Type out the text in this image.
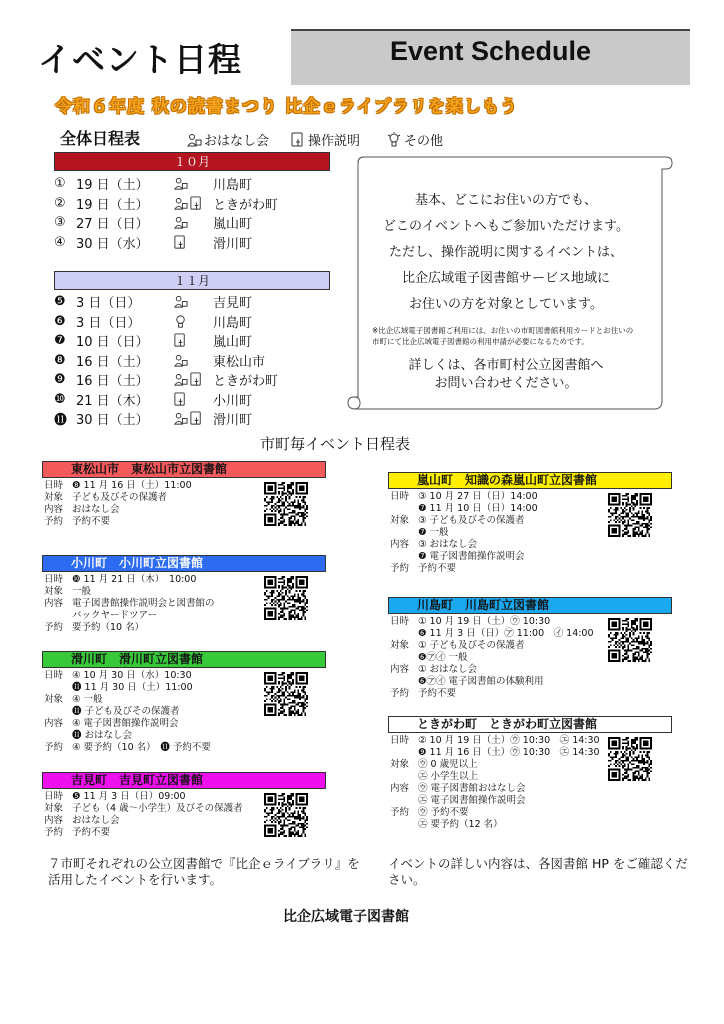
イベント日程	Event Schedule
令和６年度 秋の読書まつり 比企ｅライブラリを楽しもう
全体日程表	おはなし会	操作説明	その他
１０月
① 19 日（土）	川島町
② 19 日（土）	ときがわ町
③ 27 日（日）	嵐山町
④ 30 日（水）	滑川町
１１月
❺ 3 日（日）	吉見町
❻ 3 日（日）	川島町
❼ 10 日（日）	嵐山町
❽ 16 日（土）	東松山市
❾ 16 日（土）	ときがわ町
❿ 21 日（木）	小川町
⓫ 30 日（土）	滑川町
基本、どこにお住いの方でも、
どこのイベントへもご参加いただけます。
ただし、操作説明に関するイベントは、
比企広域電子図書館サービス地域に
お住いの方を対象としています。
※比企広域電子図書館ご利用には、お住いの市町図書館利用カードとお住いの市町にて比企広域電子図書館の利用申請が必要になるためです。
詳しくは、各市町村公立図書館へ
お問い合わせください。
市町毎イベント日程表
東松山市　東松山市立図書館
日時 ❽ 11 月 16 日（土）11:00
対象 子ども及びその保護者
内容 おはなし会
予約 予約不要
小川町　小川町立図書館
日時 ❿ 11 月 21 日（木）　10:00
対象 一般
内容 電子図書館操作説明会と図書館の
バックヤードツアー
予約 要予約（10 名）
滑川町　滑川町立図書館
日時 ④ 10 月 30 日（水）10:30
⓫ 11 月 30 日（土）11:00
対象 ④ 一般
⓫ 子ども及びその保護者
内容 ④ 電子図書館操作説明会
⓫ おはなし会
予約 ④ 要予約（10 名）　⓫ 予約不要
吉見町　吉見町立図書館
日時 ❺ 11 月 3 日（日）09:00
対象 子ども（4 歳～小学生）及びその保護者
内容 おはなし会
予約 予約不要
嵐山町　知識の森嵐山町立図書館
日時 ③ 10 月 27 日（日）14:00
❼ 11 月 10 日（日）14:00
対象 ③ 子ども及びその保護者
❼ 一般
内容 ③ おはなし会
❼ 電子図書館操作説明会
予約 予約不要
川島町　川島町立図書館
日時 ① 10 月 19 日（土）㋒ 10:30
❻ 11 月 3 日（日）㋐ 11:00　㋑ 14:00
対象 ① 子ども及びその保護者
❻㋐㋑ 一般
内容 ① おはなし会
❻㋐㋑ 電子図書館の体験利用
予約 予約不要
ときがわ町　ときがわ町立図書館
日時 ② 10 月 19 日（土）㋒ 10:30　㋓ 14:30
❾ 11 月 16 日（土）㋒ 10:30　㋓ 14:30
対象 ㋒ 0 歳児以上
㋓ 小学生以上
内容 ㋒ 電子図書館おはなし会
㋓ 電子図書館操作説明会
予約 ㋒ 予約不要
㋓ 要予約（12 名）
７市町それぞれの公立図書館で『比企ｅライブラリ』を活用したイベントを行います。
イベントの詳しい内容は、各図書館 HP をご確認ください。
比企広域電子図書館
